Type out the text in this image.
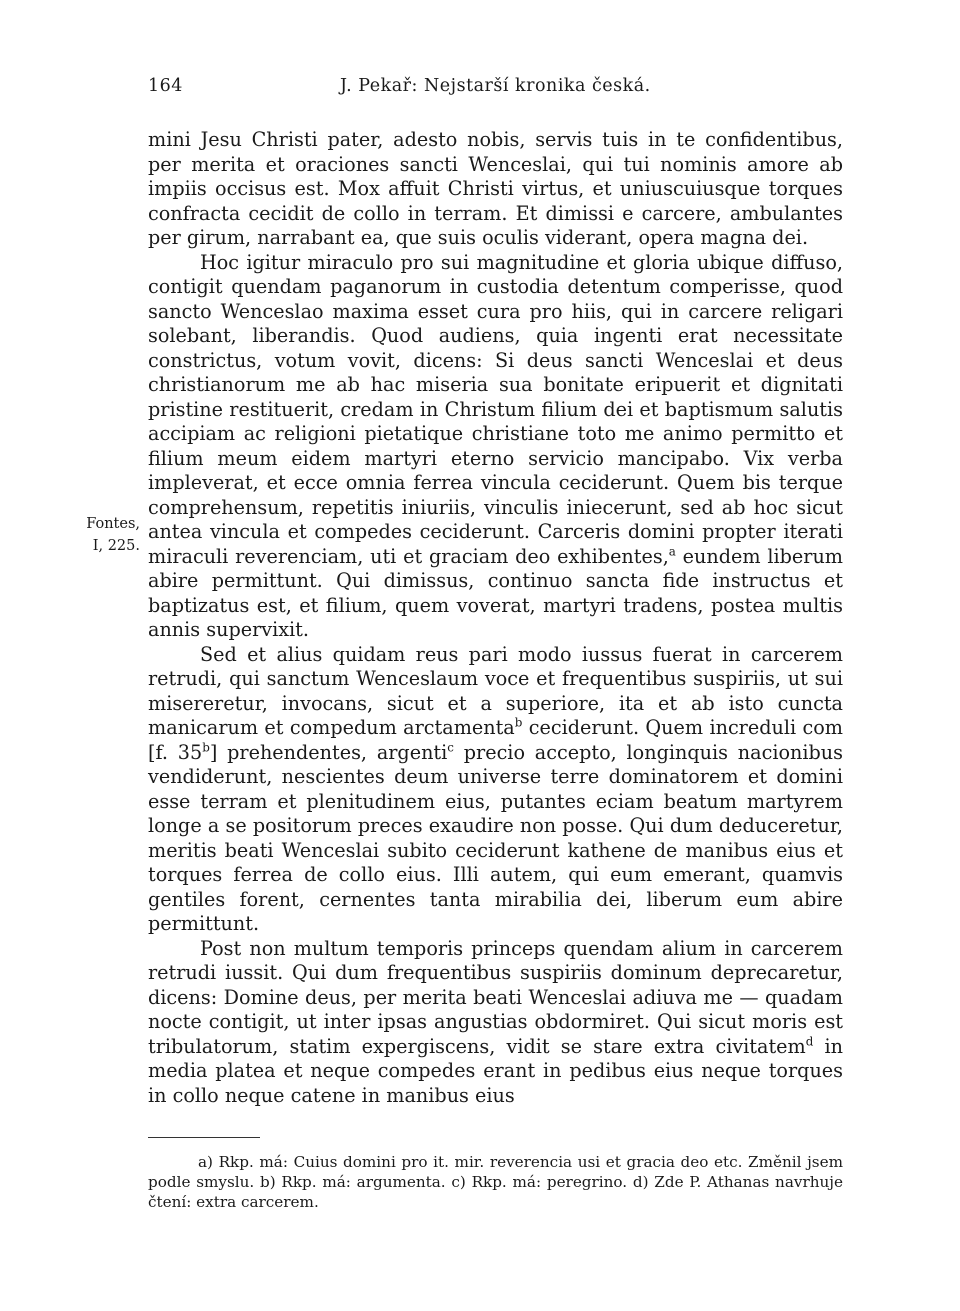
164	J. Pekař: Nejstarší kronika česká.
Fontes,
I, 225.

mini Jesu Christi pater, adesto nobis, servis tuis in te confidentibus, per merita et oraciones sancti Wenceslai, qui tui nominis amore ab impiis occisus est. Mox affuit Christi virtus, et uniuscuiusque torques confracta cecidit de collo in terram. Et dimissi e carcere, ambulantes per girum, narrabant ea, que suis oculis viderant, opera magna dei.

Hoc igitur miraculo pro sui magnitudine et gloria ubique diffuso, contigit quendam paganorum in custodia detentum comperisse, quod sancto Wenceslao maxima esset cura pro hiis, qui in carcere religari solebant, liberandis. Quod audiens, quia ingenti erat necessitate constrictus, votum vovit, dicens: Si deus sancti Wenceslai et deus christianorum me ab hac miseria sua bonitate eripuerit et dignitati pristine restituerit, credam in Christum filium dei et baptismum salutis accipiam ac religioni pietatique christiane toto me animo permitto et filium meum eidem martyri eterno servicio mancipabo. Vix verba impleverat, et ecce omnia ferrea vincula ceciderunt. Quem bis terque comprehensum, repetitis iniuriis, vinculis iniecerunt, sed ab hoc sicut antea vincula et compedes ceciderunt. Carceris domini propter iterati miraculi reverenciam, uti et graciam deo exhibentes,$^a$ eundem liberum abire permittunt. Qui dimissus, continuo sancta fide instructus et baptizatus est, et filium, quem voverat, martyri tradens, postea multis annis supervixit.

Sed et alius quidam reus pari modo iussus fuerat in carcerem retrudi, qui sanctum Wenceslaum voce et frequentibus suspiriis, ut sui misereretur, invocans, sicut et a superiore, ita et ab isto cuncta manicarum et compedum arctamenta$^b$ ceciderunt. Quem increduli com [f. 35$^b$] prehendentes, argenti$^c$ precio accepto, longinquis nacionibus vendiderunt, nescientes deum universe terre dominatorem et domini esse terram et plenitudinem eius, putantes eciam beatum martyrem longe a se positorum preces exaudire non posse. Qui dum deduceretur, meritis beati Wenceslai subito ceciderunt kathene de manibus eius et torques ferrea de collo eius. Illi autem, qui eum emerant, quamvis gentiles forent, cernentes tanta mirabilia dei, liberum eum abire permittunt.

Post non multum temporis princeps quendam alium in carcerem retrudi iussit. Qui dum frequentibus suspiriis dominum deprecaretur, dicens: Domine deus, per merita beati Wenceslai adiuva me — quadam nocte contigit, ut inter ipsas angustias obdormiret. Qui sicut moris est tribulatorum, statim expergiscens, vidit se stare extra civitatem$^d$ in media platea et neque compedes erant in pedibus eius neque torques in collo neque catene in manibus eius

a) Rkp. má: Cuius domini pro it. mir. reverencia usi et gracia deo etc. Změnil jsem podle smyslu. b) Rkp. má: argumenta. c) Rkp. má: peregrino. d) Zde P. Athanas navrhuje čtení: extra carcerem.
